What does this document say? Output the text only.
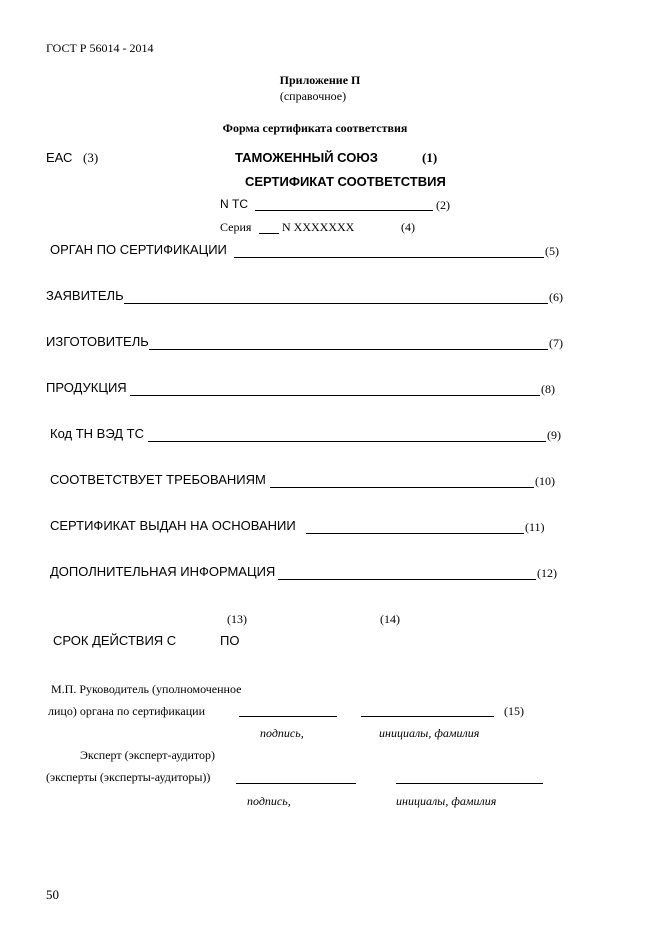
ГОСТ Р 56014 - 2014
Приложение П
(справочное)
Форма сертификата соответствия
ЕАС (3)	ТАМОЖЕННЫЙ СОЮЗ	(1)
СЕРТИФИКАТ СООТВЕТСТВИЯ
N ТС	(2)
Серия	N ХХХХХХХ	(4)
ОРГАН ПО СЕРТИФИКАЦИИ	(5)
ЗАЯВИТЕЛЬ	(6)
ИЗГОТОВИТЕЛЬ	(7)
ПРОДУКЦИЯ	(8)
Код ТН ВЭД ТС	(9)
СООТВЕТСТВУЕТ ТРЕБОВАНИЯМ	(10)
СЕРТИФИКАТ ВЫДАН НА ОСНОВАНИИ	(11)
ДОПОЛНИТЕЛЬНАЯ ИНФОРМАЦИЯ	(12)
(13)	(14)
СРОК ДЕЙСТВИЯ С	ПО
М.П. Руководитель (уполномоченное
лицо) органа по сертификации	(15)
подпись,	инициалы, фамилия
Эксперт (эксперт-аудитор)
(эксперты (эксперты-аудиторы))
подпись,	инициалы, фамилия
50
